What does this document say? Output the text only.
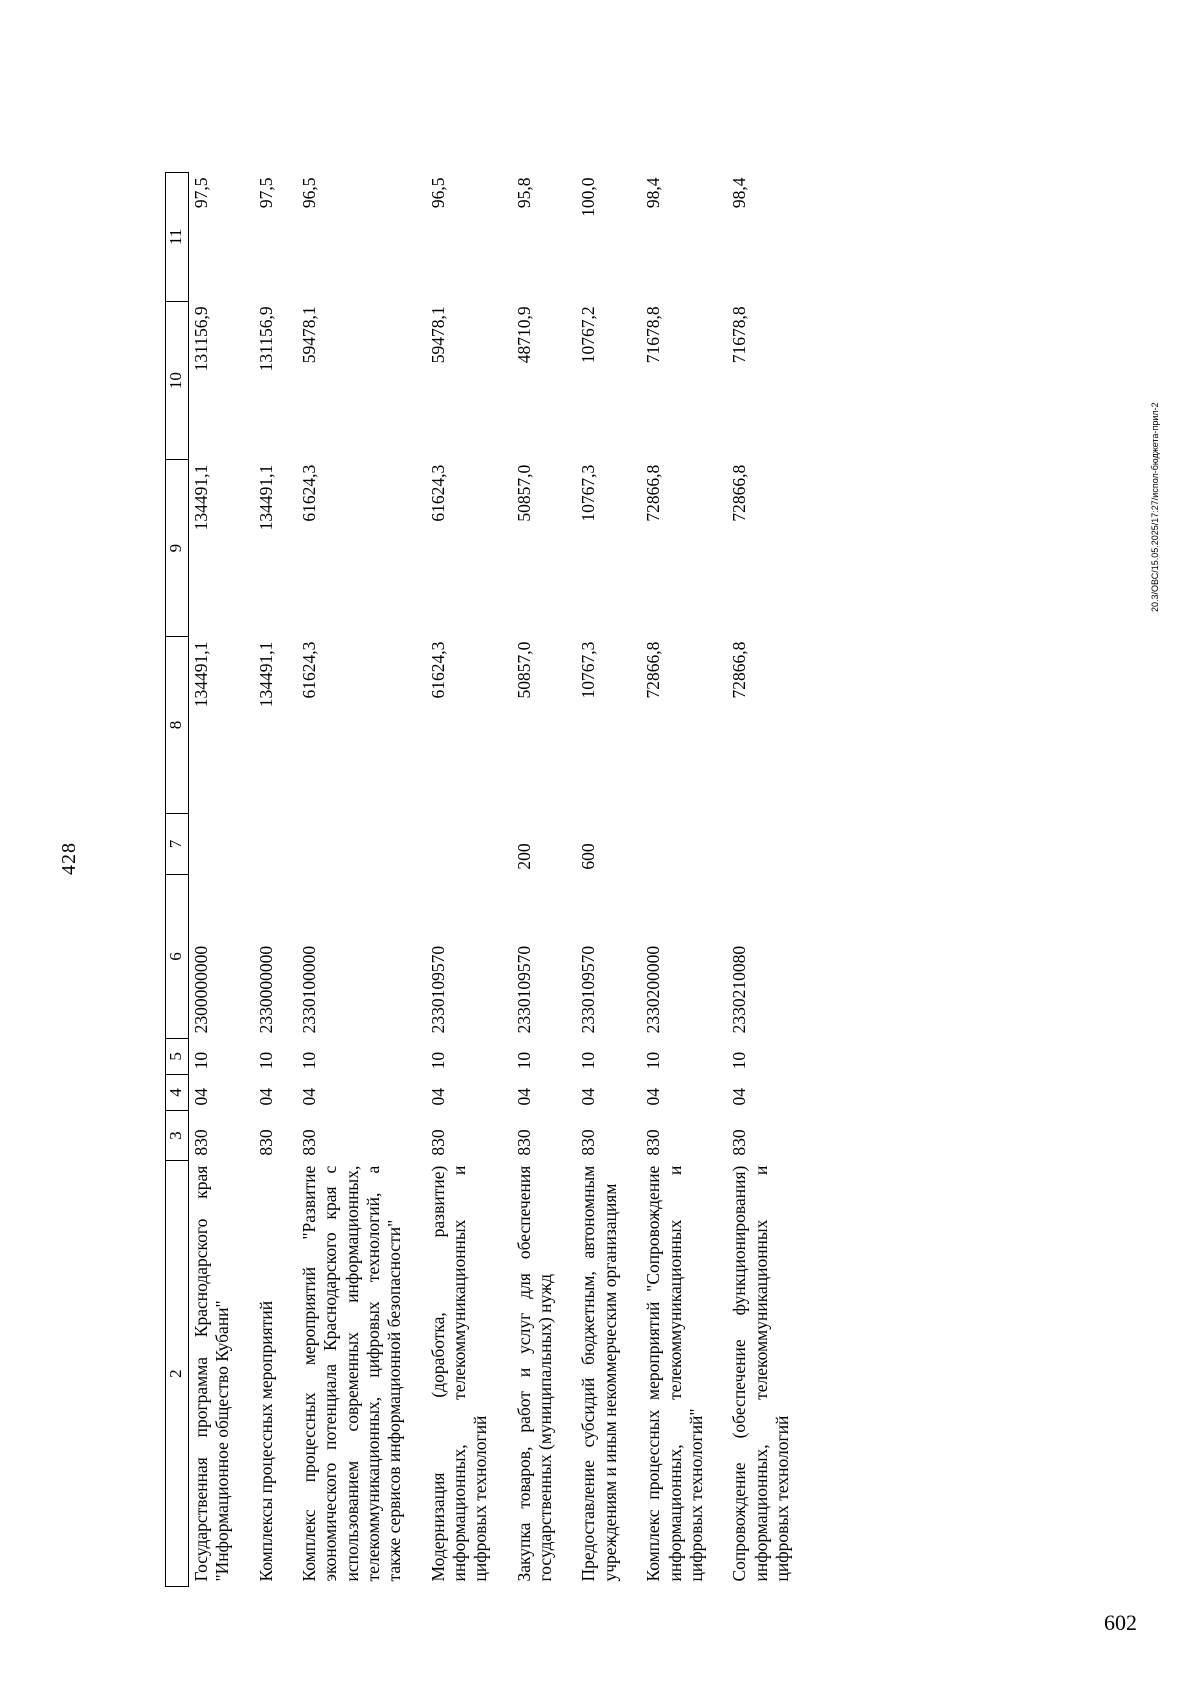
428
2	3	4	5	6	7	8	9	10	11
Государственная программа Краснодарского края "Информационное общество Кубани"	830	04	10	2300000000		134491,1	134491,1	131156,9	97,5
Комплексы процессных мероприятий	830	04	10	2330000000		134491,1	134491,1	131156,9	97,5
Комплекс процессных мероприятий "Развитие экономического потенциала Краснодарского края с использованием современных информационных, телекоммуникационных, цифровых технологий, а также сервисов информационной безопасности"	830	04	10	2330100000		61624,3	61624,3	59478,1	96,5
Модернизация (доработка, развитие) информационных, телекоммуникационных и цифровых технологий	830	04	10	2330109570		61624,3	61624,3	59478,1	96,5
Закупка товаров, работ и услуг для обеспечения государственных (муниципальных) нужд	830	04	10	2330109570	200	50857,0	50857,0	48710,9	95,8
Предоставление субсидий бюджетным, автономным учреждениям и иным некоммерческим организациям	830	04	10	2330109570	600	10767,3	10767,3	10767,2	100,0
Комплекс процессных мероприятий "Сопровождение информационных, телекоммуникационных и цифровых технологий"	830	04	10	2330200000		72866,8	72866,8	71678,8	98,4
Сопровождение (обеспечение функционирования) информационных, телекоммуникационных и цифровых технологий	830	04	10	2330210080		72866,8	72866,8	71678,8	98,4
20.3/ОВС/15.05.2025/17:27/испол-бюджета-прил-2
602
